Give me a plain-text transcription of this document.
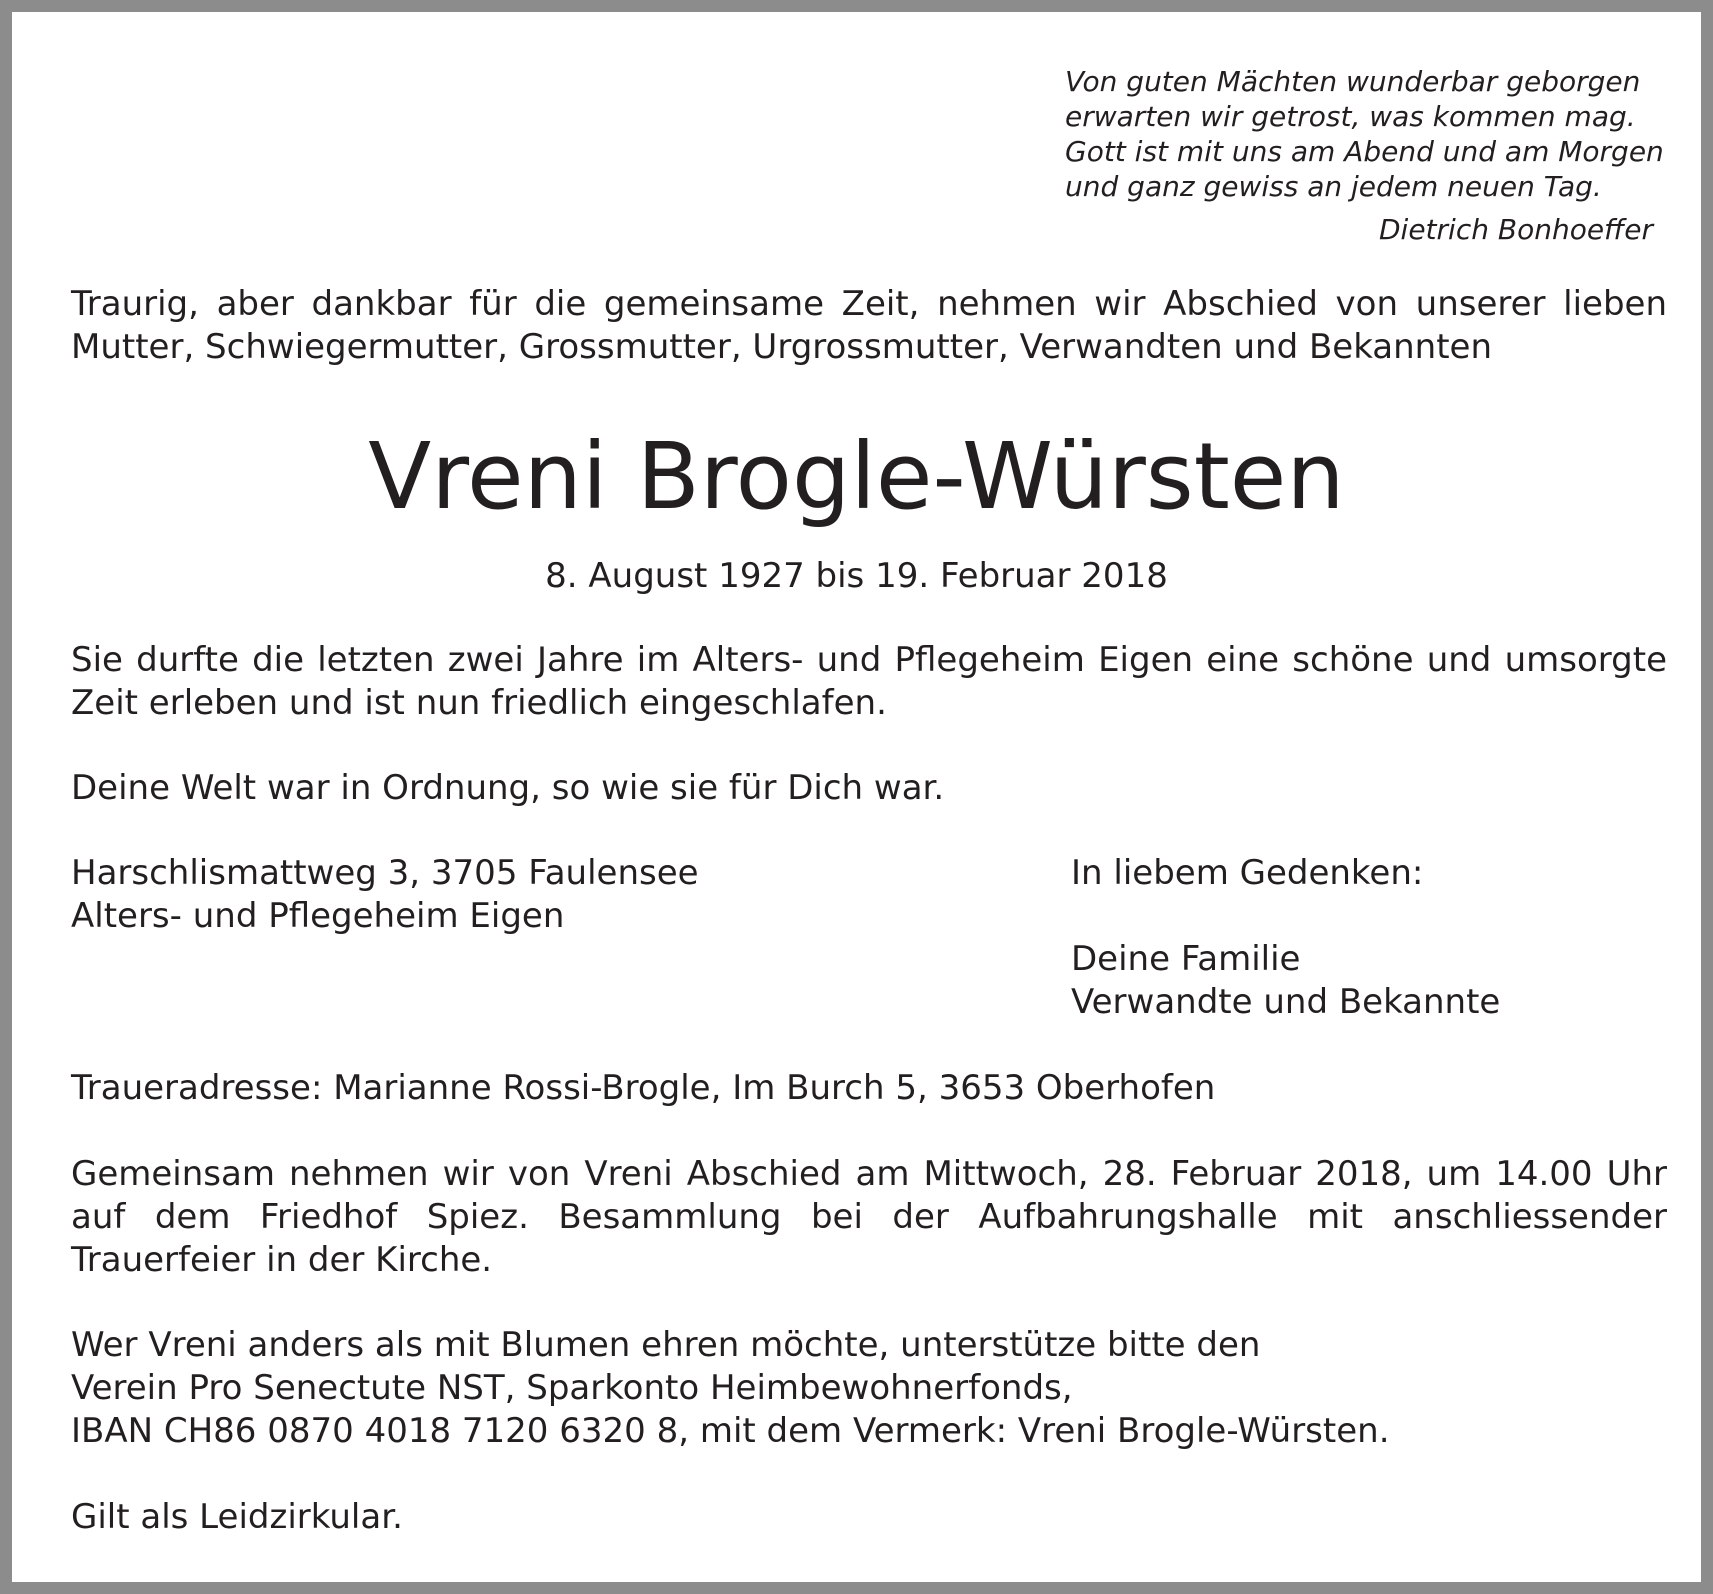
Von guten Mächten wunderbar geborgen
erwarten wir getrost, was kommen mag.
Gott ist mit uns am Abend und am Morgen
und ganz gewiss an jedem neuen Tag.
Dietrich Bonhoeffer
Traurig, aber dankbar für die gemeinsame Zeit, nehmen wir Abschied von unserer lieben Mutter, Schwiegermutter, Grossmutter, Urgrossmutter, Verwandten und Bekannten
Vreni Brogle-Würsten
8. August 1927 bis 19. Februar 2018
Sie durfte die letzten zwei Jahre im Alters- und Pflegeheim Eigen eine schöne und umsorgte Zeit erleben und ist nun friedlich eingeschlafen.
Deine Welt war in Ordnung, so wie sie für Dich war.
Harschlismattweg 3, 3705 Faulensee
Alters- und Pflegeheim Eigen
In liebem Gedenken:
Deine Familie
Verwandte und Bekannte
Traueradresse: Marianne Rossi-Brogle, Im Burch 5, 3653 Oberhofen
Gemeinsam nehmen wir von Vreni Abschied am Mittwoch, 28. Februar 2018, um 14.00 Uhr auf dem Friedhof Spiez. Besammlung bei der Aufbahrungshalle mit anschliessender Trauerfeier in der Kirche.
Wer Vreni anders als mit Blumen ehren möchte, unterstütze bitte den
Verein Pro Senectute NST, Sparkonto Heimbewohnerfonds,
IBAN CH86 0870 4018 7120 6320 8, mit dem Vermerk: Vreni Brogle-Würsten.
Gilt als Leidzirkular.
